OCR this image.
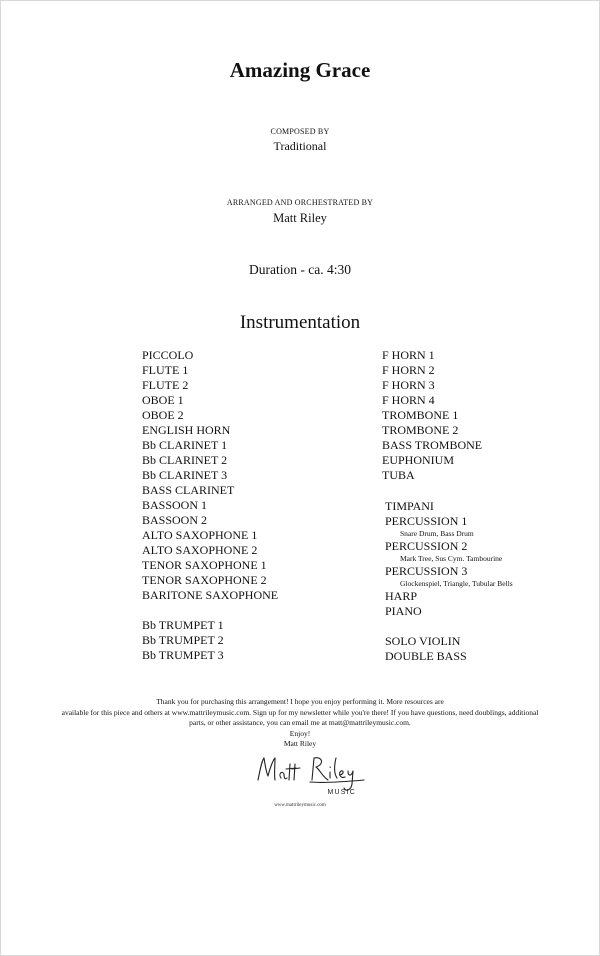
Amazing Grace
COMPOSED BY
Traditional
ARRANGED AND ORCHESTRATED BY
Matt Riley
Duration - ca. 4:30
Instrumentation
PICCOLO
FLUTE 1
FLUTE 2
OBOE 1
OBOE 2
ENGLISH HORN
Bb CLARINET 1
Bb CLARINET 2
Bb CLARINET 3
BASS CLARINET
BASSOON 1
BASSOON 2
ALTO SAXOPHONE 1
ALTO SAXOPHONE 2
TENOR SAXOPHONE 1
TENOR SAXOPHONE 2
BARITONE SAXOPHONE
Bb TRUMPET 1
Bb TRUMPET 2
Bb TRUMPET 3
F HORN 1
F HORN 2
F HORN 3
F HORN 4
TROMBONE 1
TROMBONE 2
BASS TROMBONE
EUPHONIUM
TUBA
TIMPANI
PERCUSSION 1
Snare Drum, Bass Drum
PERCUSSION 2
Mark Tree, Sus Cym. Tambourine
PERCUSSION 3
Glockenspiel, Triangle, Tubular Bells
HARP
PIANO
SOLO VIOLIN
DOUBLE BASS

Thank you for purchasing this arrangement! I hope you enjoy performing it. More resources are

available for this piece and others at www.mattrileymusic.com. Sign up for my newsletter while you're there! If you have questions, need doublings, additional

parts, or other assistance, you can email me at matt@mattrileymusic.com.

Enjoy!

Matt Riley

MUSIC
www.mattrileymusic.com
